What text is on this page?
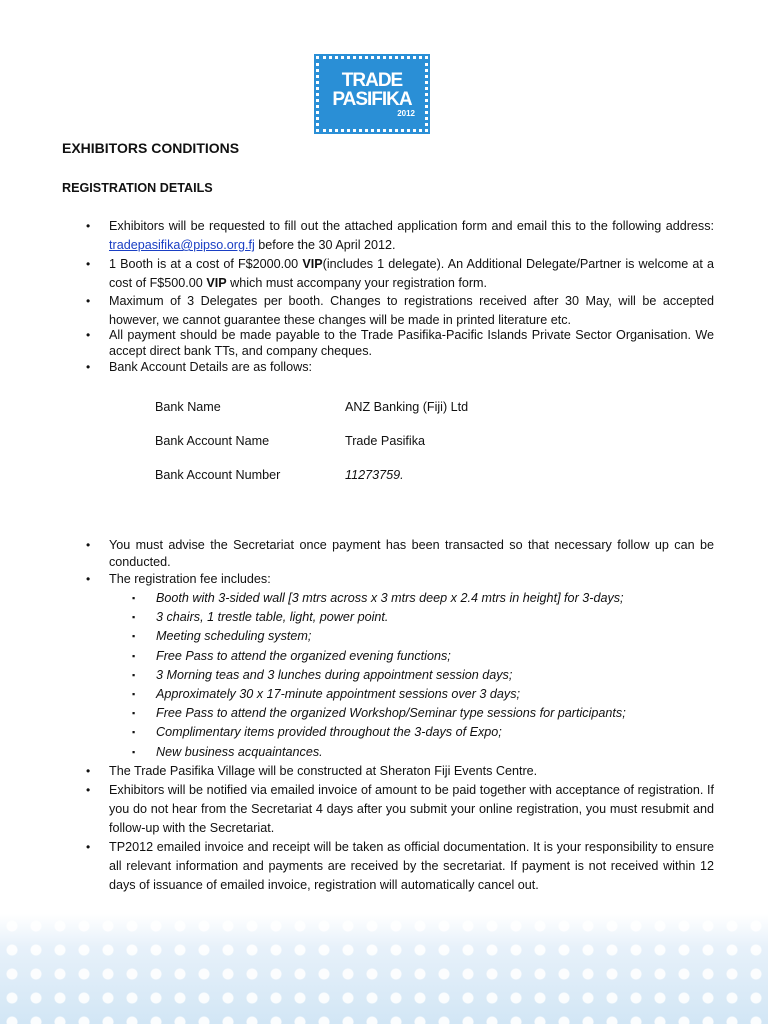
TRADE
PASIFIKA
2012
EXHIBITORS CONDITIONS
REGISTRATION DETAILS
• Exhibitors will be requested to fill out the attached application form and email this to the following address: tradepasifika@pipso.org.fj before the 30 April 2012.
• 1 Booth is at a cost of F$2000.00 VIP(includes 1 delegate). An Additional Delegate/Partner is welcome at a cost of F$500.00 VIP which must accompany your registration form.
• Maximum of 3 Delegates per booth. Changes to registrations received after 30 May, will be accepted however, we cannot guarantee these changes will be made in printed literature etc.
• All payment should be made payable to the Trade Pasifika-Pacific Islands Private Sector Organisation. We accept direct bank TTs, and company cheques.
• Bank Account Details are as follows:
Bank Name	ANZ Banking (Fiji) Ltd
Bank Account Name	Trade Pasifika
Bank Account Number	11273759.
• You must advise the Secretariat once payment has been transacted so that necessary follow up can be conducted.
• The registration fee includes:
▪ Booth with 3-sided wall [3 mtrs across x 3 mtrs deep x 2.4 mtrs in height] for 3-days;
▪ 3 chairs, 1 trestle table, light, power point.
▪ Meeting scheduling system;
▪ Free Pass to attend the organized evening functions;
▪ 3 Morning teas and 3 lunches during appointment session days;
▪ Approximately 30 x 17-minute appointment sessions over 3 days;
▪ Free Pass to attend the organized Workshop/Seminar type sessions for participants;
▪ Complimentary items provided throughout the 3-days of Expo;
▪ New business acquaintances.
• The Trade Pasifika Village will be constructed at Sheraton Fiji Events Centre.
• Exhibitors will be notified via emailed invoice of amount to be paid together with acceptance of registration. If you do not hear from the Secretariat 4 days after you submit your online registration, you must resubmit and follow-up with the Secretariat.
• TP2012 emailed invoice and receipt will be taken as official documentation. It is your responsibility to ensure all relevant information and payments are received by the secretariat. If payment is not received within 12 days of issuance of emailed invoice, registration will automatically cancel out.
